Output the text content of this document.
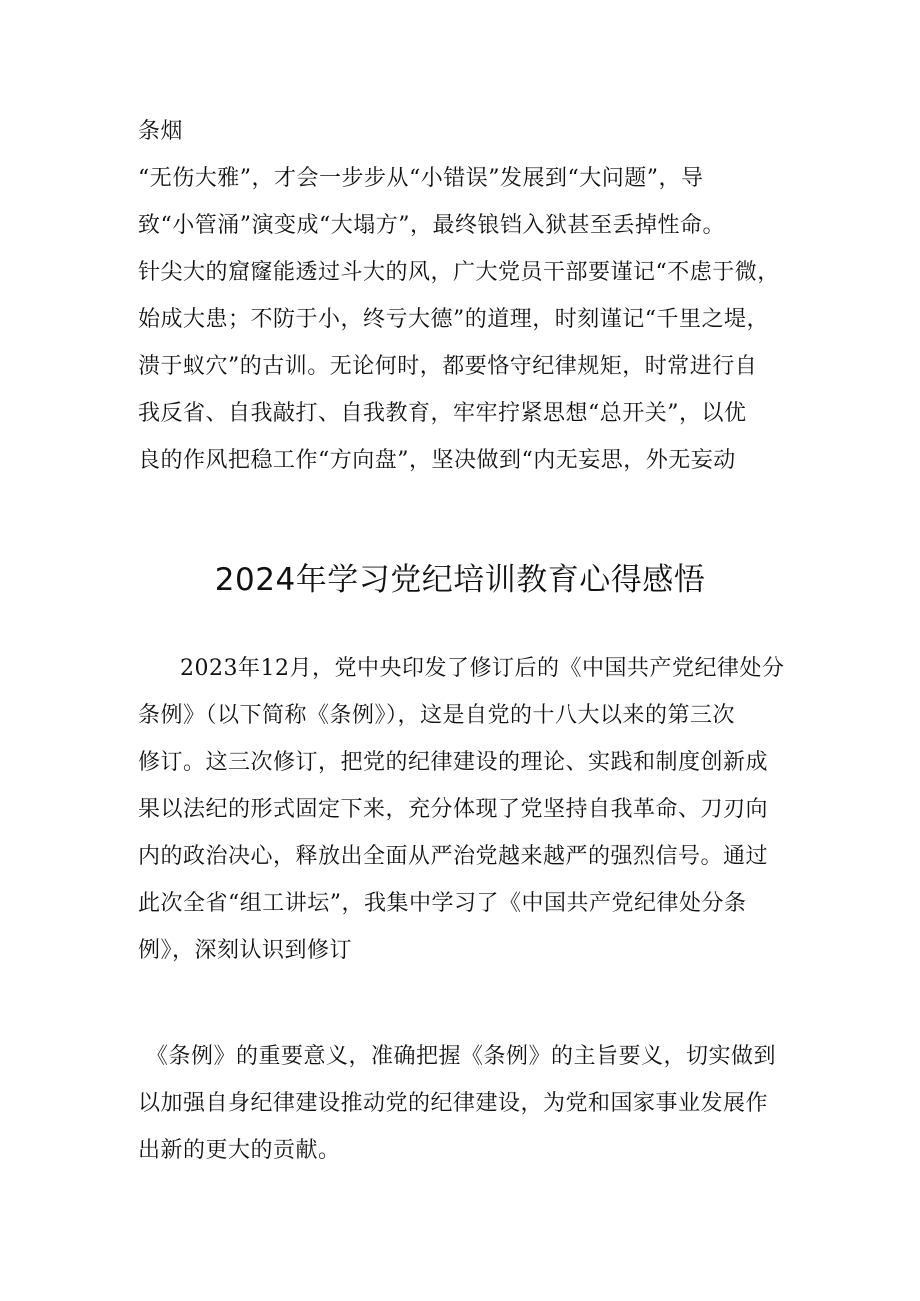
条烟
“无伤大雅”，才会一步步从“小错误”发展到“大问题”，导
致“小管涌”演变成“大塌方”，最终锒铛入狱甚至丢掉性命。
针尖大的窟窿能透过斗大的风，广大党员干部要谨记“不虑于微，
始成大患；不防于小，终亏大德”的道理，时刻谨记“千里之堤，
溃于蚁穴”的古训。无论何时，都要恪守纪律规矩，时常进行自
我反省、自我敲打、自我教育，牢牢拧紧思想“总开关”，以优
良的作风把稳工作“方向盘”，坚决做到“内无妄思，外无妄动
2024年学习党纪培训教育心得感悟
2023年12月，党中央印发了修订后的《中国共产党纪律处分
条例》（以下简称《条例》），这是自党的十八大以来的第三次
修订。这三次修订，把党的纪律建设的理论、实践和制度创新成
果以法纪的形式固定下来，充分体现了党坚持自我革命、刀刃向
内的政治决心，释放出全面从严治党越来越严的强烈信号。通过
此次全省“组工讲坛”，我集中学习了《中国共产党纪律处分条
例》，深刻认识到修订
《条例》的重要意义，准确把握《条例》的主旨要义，切实做到
以加强自身纪律建设推动党的纪律建设，为党和国家事业发展作
出新的更大的贡献。
